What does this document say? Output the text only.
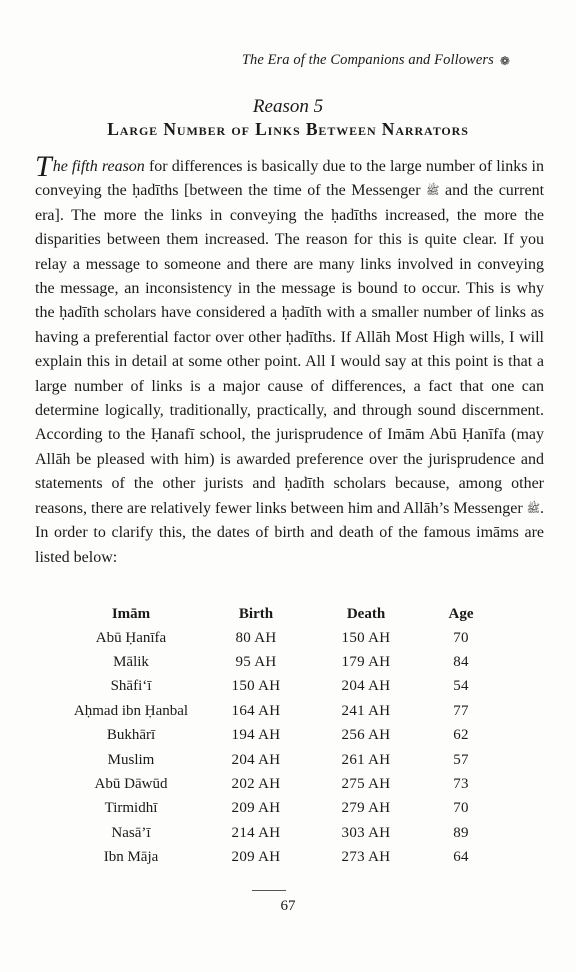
The Era of the Companions and Followers ❁
Reason 5
Large Number of Links Between Narrators

The fifth reason for differences is basically due to the large number of links in conveying the ḥadīths [between the time of the Messenger ﷺ and the current era]. The more the links in conveying the ḥadīths increased, the more the disparities between them increased. The reason for this is quite clear. If you relay a message to someone and there are many links involved in conveying the message, an inconsistency in the message is bound to occur. This is why the ḥadīth scholars have considered a ḥadīth with a smaller number of links as having a preferential factor over other ḥadīths. If Allāh Most High wills, I will explain this in detail at some other point. All I would say at this point is that a large number of links is a major cause of differences, a fact that one can determine logically, traditionally, practically, and through sound discernment. According to the Ḥanafī school, the jurisprudence of Imām Abū Ḥanīfa (may Allāh be pleased with him) is awarded preference over the jurisprudence and statements of the other jurists and ḥadīth scholars because, among other reasons, there are relatively fewer links between him and Allāh’s Messenger ﷺ. In order to clarify this, the dates of birth and death of the famous imāms are listed below:

Imām	Birth	Death	Age
Abū Ḥanīfa	80 AH	150 AH	70
Mālik	95 AH	179 AH	84
Shāfi‘ī	150 AH	204 AH	54
Aḥmad ibn Ḥanbal	164 AH	241 AH	77
Bukhārī	194 AH	256 AH	62
Muslim	204 AH	261 AH	57
Abū Dāwūd	202 AH	275 AH	73
Tirmidhī	209 AH	279 AH	70
Nasā’ī	214 AH	303 AH	89
Ibn Māja	209 AH	273 AH	64
67
